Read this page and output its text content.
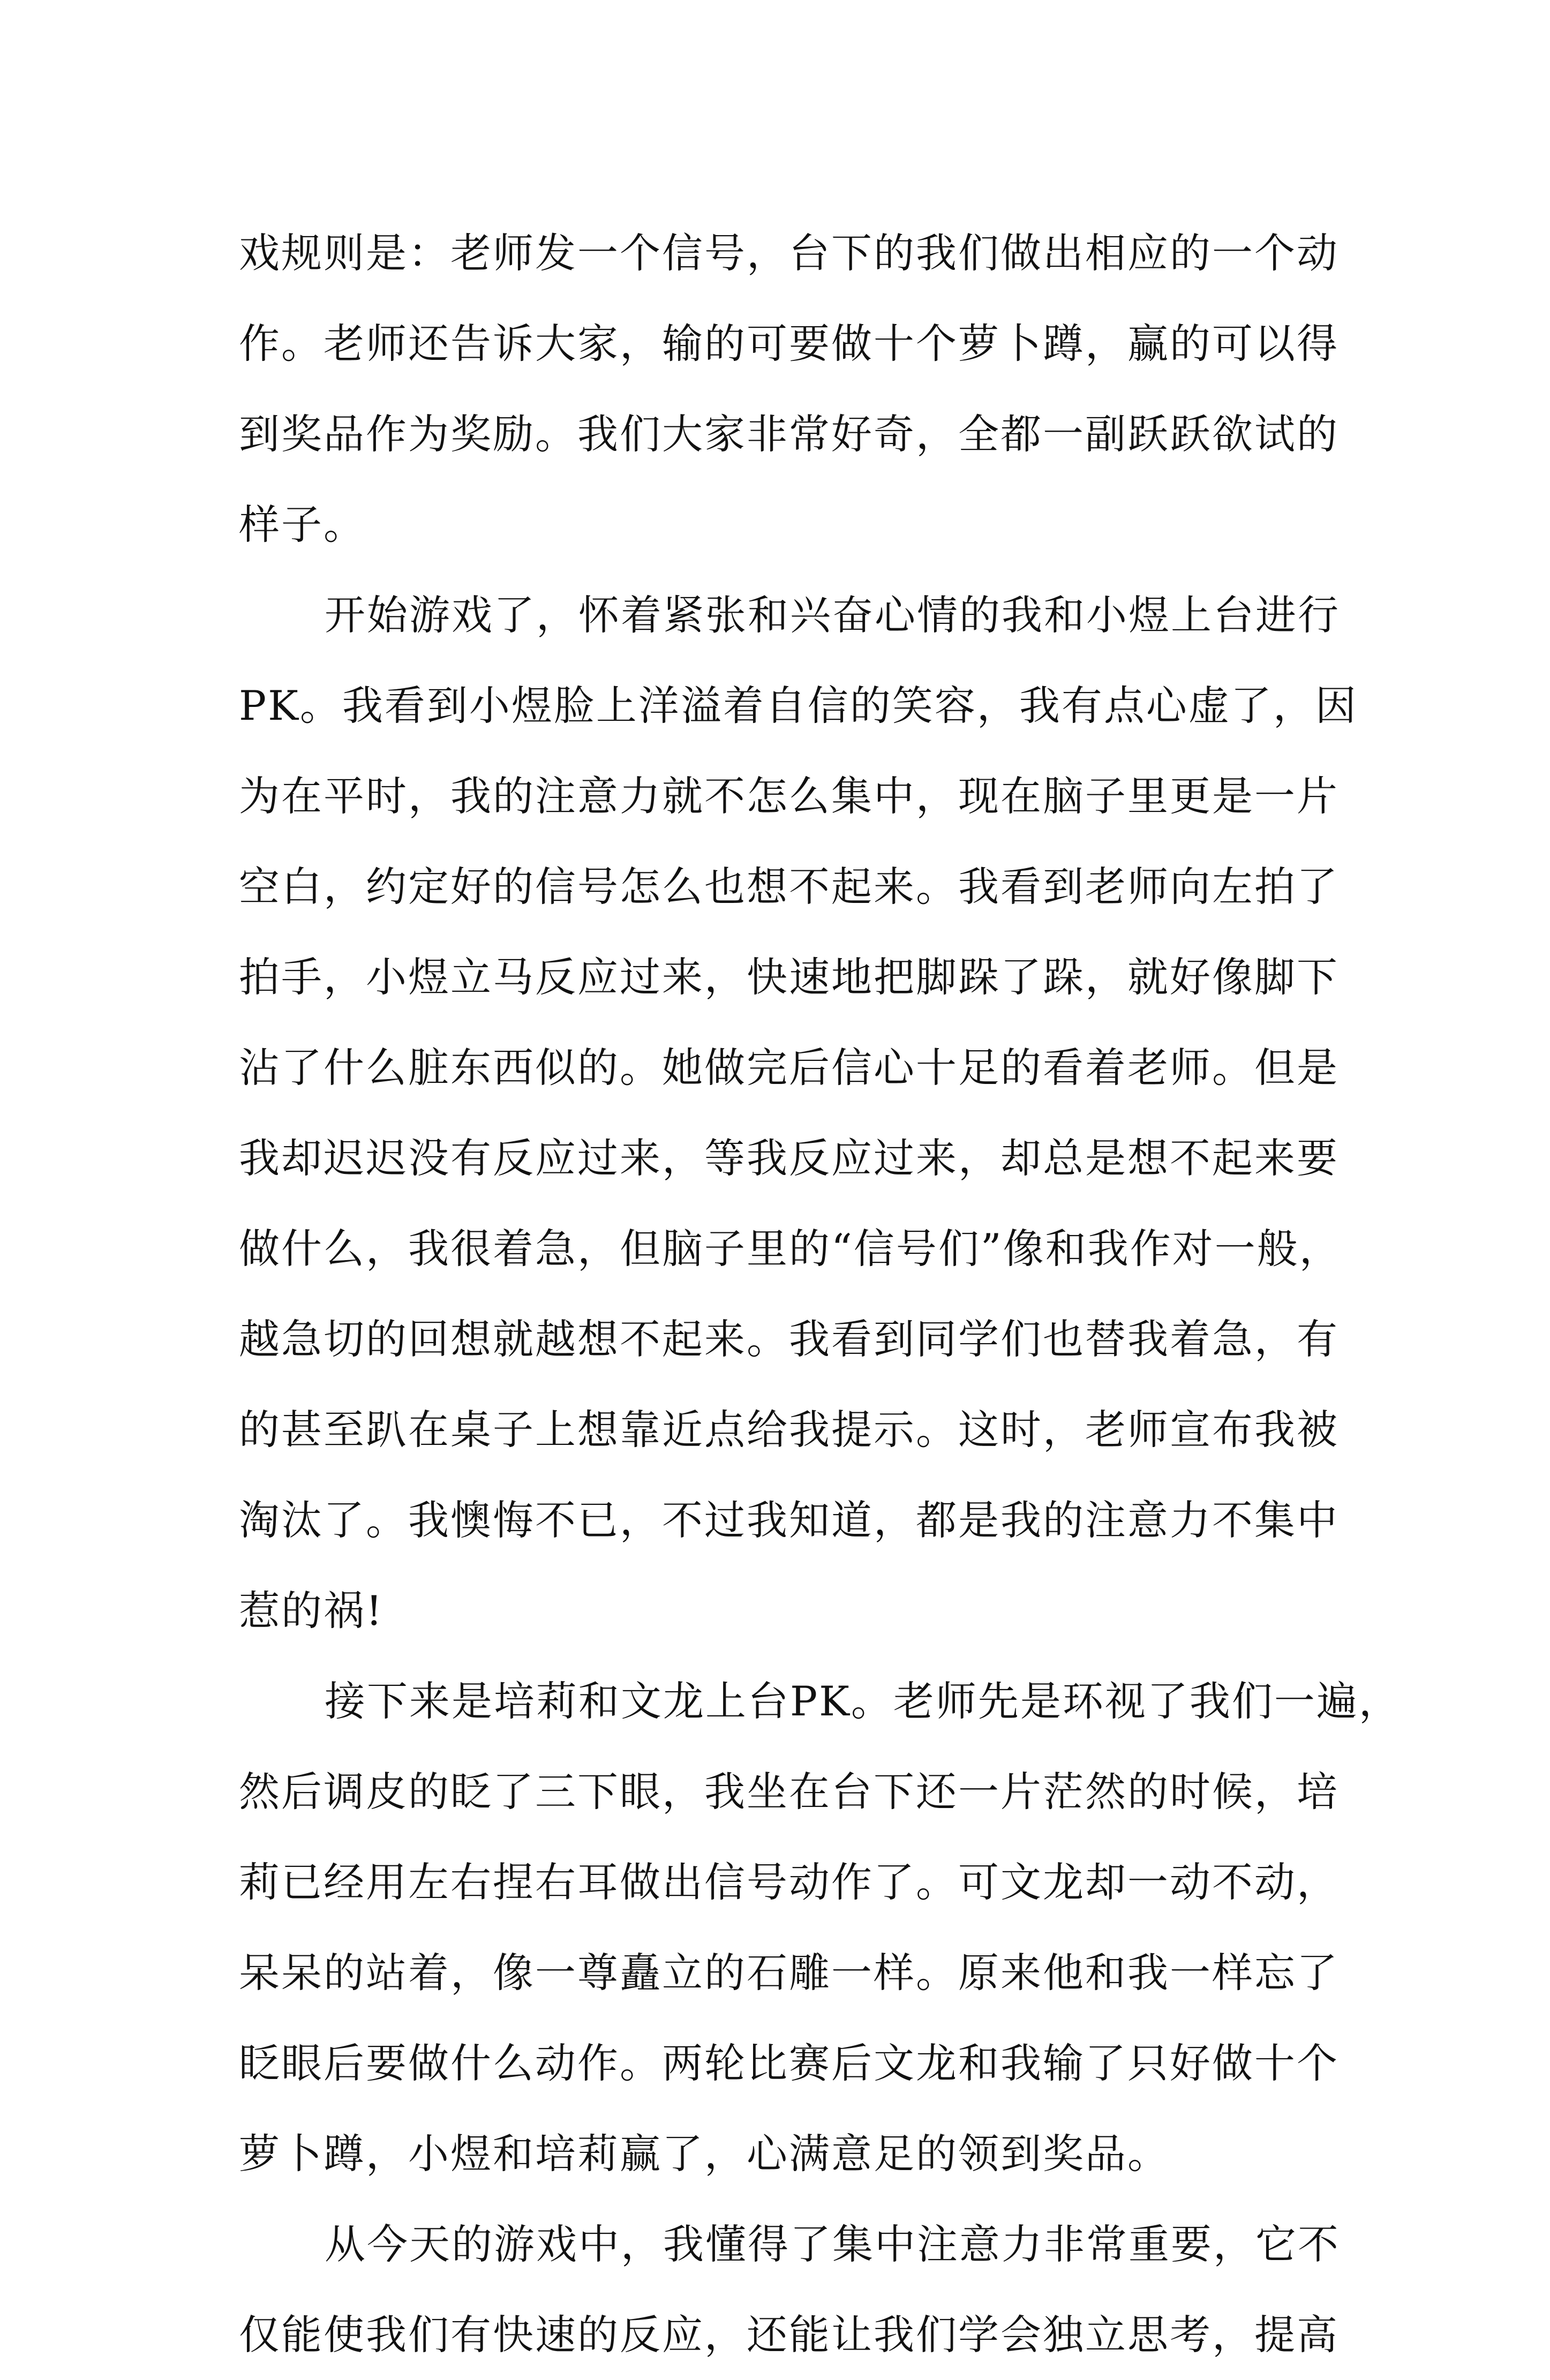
戏规则是：老师发一个信号，台下的我们做出相应的一个动
作。老师还告诉大家，输的可要做十个萝卜蹲，赢的可以得
到奖品作为奖励。我们大家非常好奇，全都一副跃跃欲试的
样子。
开始游戏了，怀着紧张和兴奋心情的我和小煜上台进行
PK。我看到小煜脸上洋溢着自信的笑容，我有点心虚了，因
为在平时，我的注意力就不怎么集中，现在脑子里更是一片
空白，约定好的信号怎么也想不起来。我看到老师向左拍了
拍手，小煜立马反应过来，快速地把脚跺了跺，就好像脚下
沾了什么脏东西似的。她做完后信心十足的看着老师。但是
我却迟迟没有反应过来，等我反应过来，却总是想不起来要
做什么，我很着急，但脑子里的“信号们”像和我作对一般，
越急切的回想就越想不起来。我看到同学们也替我着急，有
的甚至趴在桌子上想靠近点给我提示。这时，老师宣布我被
淘汰了。我懊悔不已，不过我知道，都是我的注意力不集中
惹的祸!
接下来是培莉和文龙上台PK。老师先是环视了我们一遍，
然后调皮的眨了三下眼，我坐在台下还一片茫然的时候，培
莉已经用左右捏右耳做出信号动作了。可文龙却一动不动，
呆呆的站着，像一尊矗立的石雕一样。原来他和我一样忘了
眨眼后要做什么动作。两轮比赛后文龙和我输了只好做十个
萝卜蹲，小煜和培莉赢了，心满意足的领到奖品。
从今天的游戏中，我懂得了集中注意力非常重要，它不
仅能使我们有快速的反应，还能让我们学会独立思考，提高
